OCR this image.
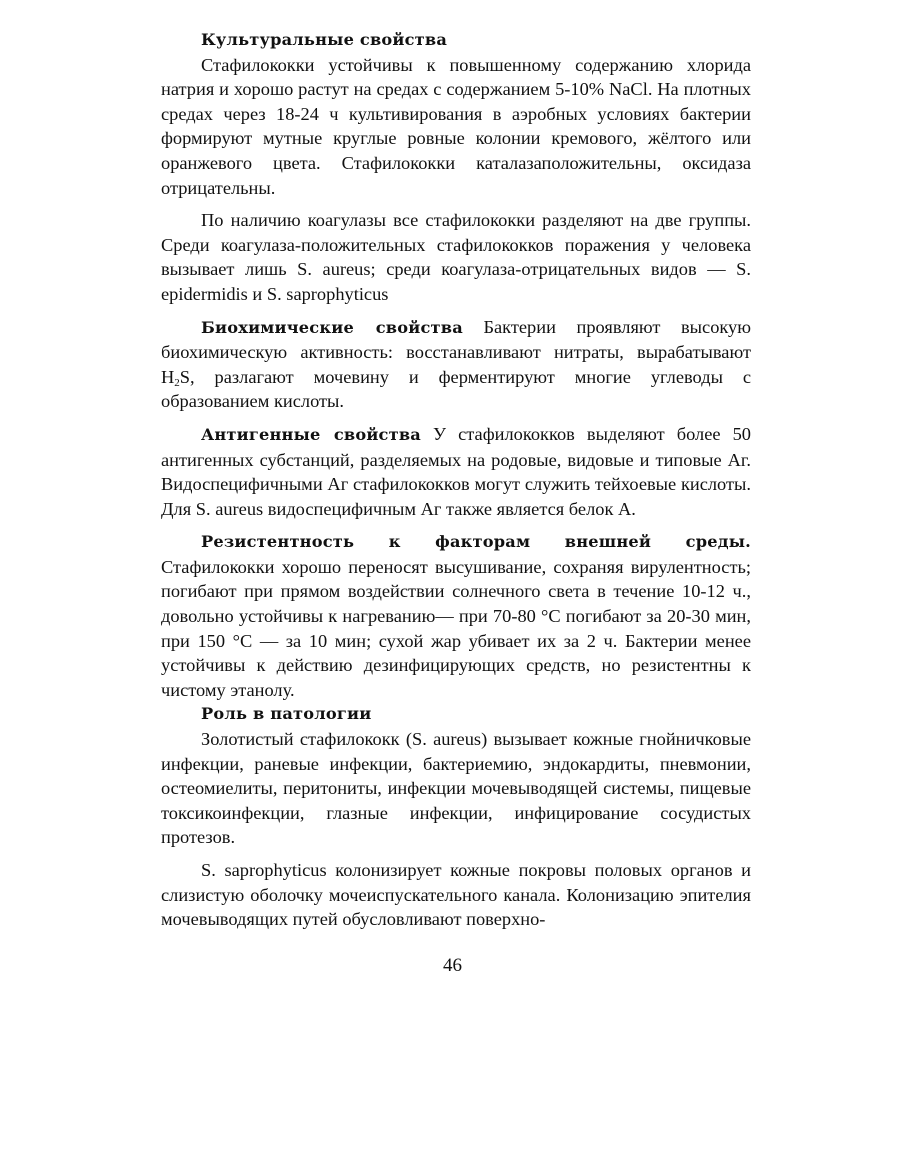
Культуральные свойства

Стафилококки устойчивы к повышенному содержанию хлорида натрия и хорошо растут на средах с содержанием 5-10% NaCl. На плотных средах через 18-24 ч культивирования в аэробных условиях бактерии формируют мутные круглые ровные колонии кремового, жёлтого или оранжевого цвета. Стафилококки каталазаположительны, оксидаза отрицательны.

По наличию коагулазы все стафилококки разделяют на две группы. Среди коагулаза-положительных стафилококков поражения у человека вызывает лишь S. aureus; среди коагулаза-отрицательных видов — S. epidermidis и S. saprophyticus

Биохимические свойства Бактерии проявляют высокую биохимическую активность: восстанавливают нитраты, вырабатывают $H_2S$, разлагают мочевину и ферментируют многие углеводы с образованием кислоты.

Антигенные свойства У стафилококков выделяют более 50 антигенных субстанций, разделяемых на родовые, видовые и типовые Аг. Видоспецифичными Аг стафилококков могут служить тейхоевые кислоты. Для S. aureus видоспецифичным Аг также является белок А.

Резистентность к факторам внешней среды. Стафилококки хорошо переносят высушивание, сохраняя вирулентность; погибают при прямом воздействии солнечного света в течение 10-12 ч., довольно устойчивы к нагреванию— при 70-80 °С погибают за 20-30 мин, при 150 °С — за 10 мин; сухой жар убивает их за 2 ч. Бактерии менее устойчивы к действию дезинфицирующих средств, но резистентны к чистому этанолу.

Роль в патологии

Золотистый стафилококк (S. aureus) вызывает кожные гнойничковые инфекции, раневые инфекции, бактериемию, эндокардиты, пневмонии, остеомиелиты, перитониты, инфекции мочевыводящей системы, пищевые токсикоинфекции, глазные инфекции, инфицирование сосудистых протезов.

S. saprophyticus колонизирует кожные покровы половых органов и слизистую оболочку мочеиспускательного канала. Колонизацию эпителия мочевыводящих путей обусловливают поверхно-

46
